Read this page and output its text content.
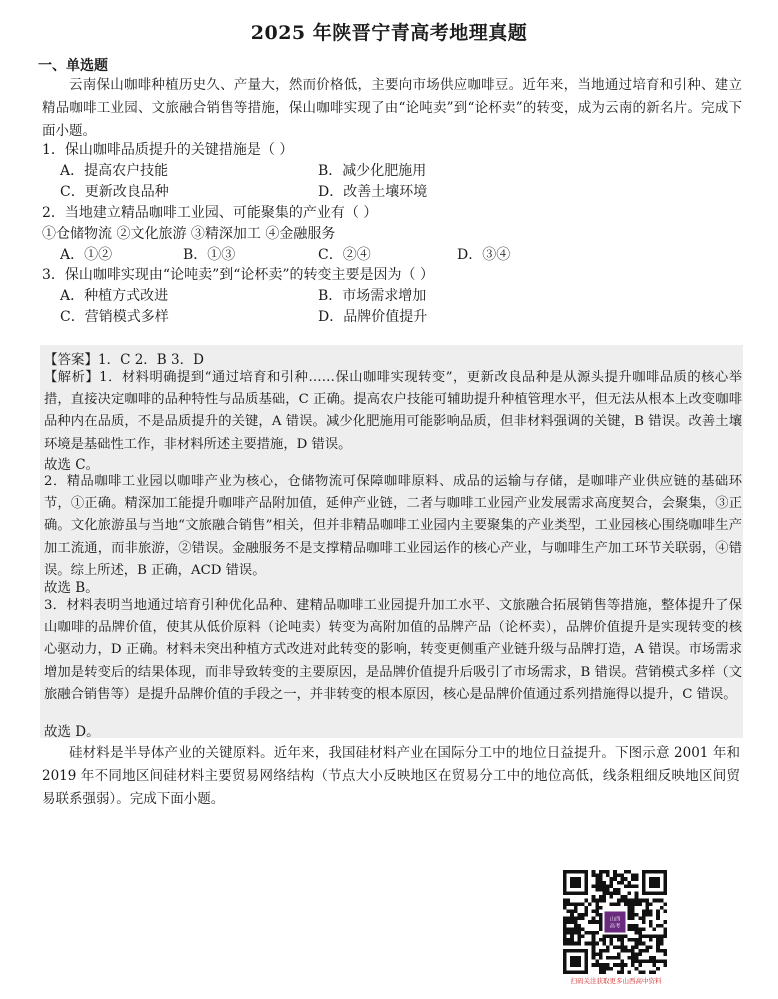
2025 年陕晋宁青高考地理真题
一、单选题
云南保山咖啡种植历史久、产量大，然而价格低，主要向市场供应咖啡豆。近年来，当地通过培育和引种、建立精品咖啡工业园、文旅融合销售等措施，保山咖啡实现了由“论吨卖”到“论杯卖”的转变，成为云南的新名片。完成下面小题。
1．保山咖啡品质提升的关键措施是（ ）
A．提高农户技能	B．减少化肥施用
C．更新改良品种	D．改善土壤环境
2．当地建立精品咖啡工业园、可能聚集的产业有（ ）
①仓储物流 ②文化旅游 ③精深加工 ④金融服务
A．①②	B．①③	C．②④	D．③④
3．保山咖啡实现由“论吨卖”到“论杯卖”的转变主要是因为（ ）
A．种植方式改进	B．市场需求增加
C．营销模式多样	D．品牌价值提升
【答案】1．C 2．B 3．D
【解析】1．材料明确提到“通过培育和引种……保山咖啡实现转变”，更新改良品种是从源头提升咖啡品质的核心举措，直接决定咖啡的品种特性与品质基础，C 正确。提高农户技能可辅助提升种植管理水平，但无法从根本上改变咖啡品种内在品质，不是品质提升的关键，A 错误。减少化肥施用可能影响品质，但非材料强调的关键，B 错误。改善土壤环境是基础性工作，非材料所述主要措施，D 错误。
故选 C。
2．精品咖啡工业园以咖啡产业为核心，仓储物流可保障咖啡原料、成品的运输与存储，是咖啡产业供应链的基础环节，①正确。精深加工能提升咖啡产品附加值，延伸产业链，二者与咖啡工业园产业发展需求高度契合，会聚集，③正确。文化旅游虽与当地“文旅融合销售”相关，但并非精品咖啡工业园内主要聚集的产业类型，工业园核心围绕咖啡生产加工流通，而非旅游，②错误。金融服务不是支撑精品咖啡工业园运作的核心产业，与咖啡生产加工环节关联弱，④错误。综上所述，B 正确，ACD 错误。
故选 B。
3．材料表明当地通过培育引种优化品种、建精品咖啡工业园提升加工水平、文旅融合拓展销售等措施，整体提升了保山咖啡的品牌价值，使其从低价原料（论吨卖）转变为高附加值的品牌产品（论杯卖），品牌价值提升是实现转变的核心驱动力，D 正确。材料未突出种植方式改进对此转变的影响，转变更侧重产业链升级与品牌打造，A 错误。市场需求增加是转变后的结果体现，而非导致转变的主要原因，是品牌价值提升后吸引了市场需求，B 错误。营销模式多样（文旅融合销售等）是提升品牌价值的手段之一，并非转变的根本原因，核心是品牌价值通过系列措施得以提升，C 错误。
故选 D。
硅材料是半导体产业的关键原料。近年来，我国硅材料产业在国际分工中的地位日益提升。下图示意 2001 年和 2019 年不同地区间硅材料主要贸易网络结构（节点大小反映地区在贸易分工中的地位高低，线条粗细反映地区间贸易联系强弱）。完成下面小题。
山西
高考
扫码关注获取更多山西高中资料
